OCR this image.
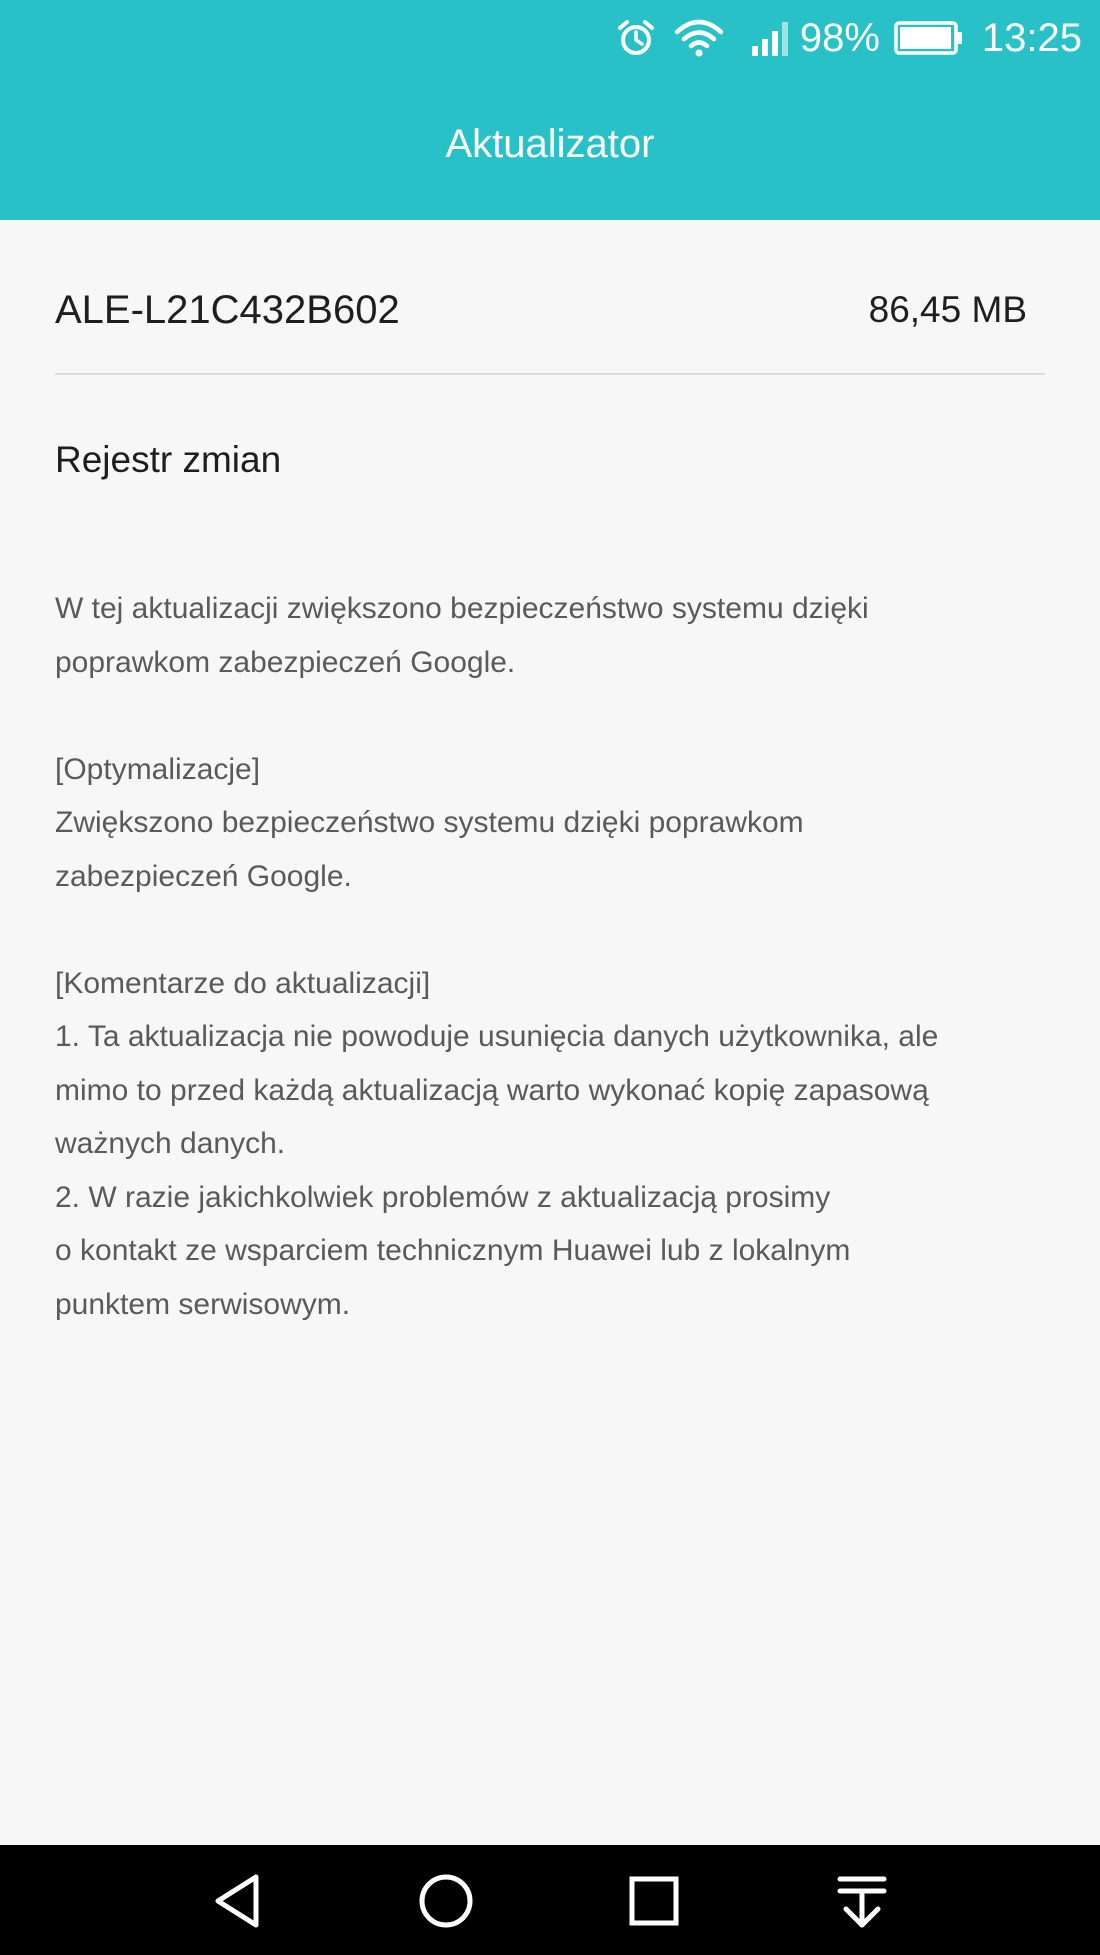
98%	13:25
Aktualizator
ALE-L21C432B602	86,45 MB
Rejestr zmian

W tej aktualizacji zwiększono bezpieczeństwo systemu dzięki
poprawkom zabezpieczeń Google.

[Optymalizacje]
Zwiększono bezpieczeństwo systemu dzięki poprawkom
zabezpieczeń Google.

[Komentarze do aktualizacji]
1. Ta aktualizacja nie powoduje usunięcia danych użytkownika, ale
mimo to przed każdą aktualizacją warto wykonać kopię zapasową
ważnych danych.
2. W razie jakichkolwiek problemów z aktualizacją prosimy
o kontakt ze wsparciem technicznym Huawei lub z lokalnym
punktem serwisowym.
